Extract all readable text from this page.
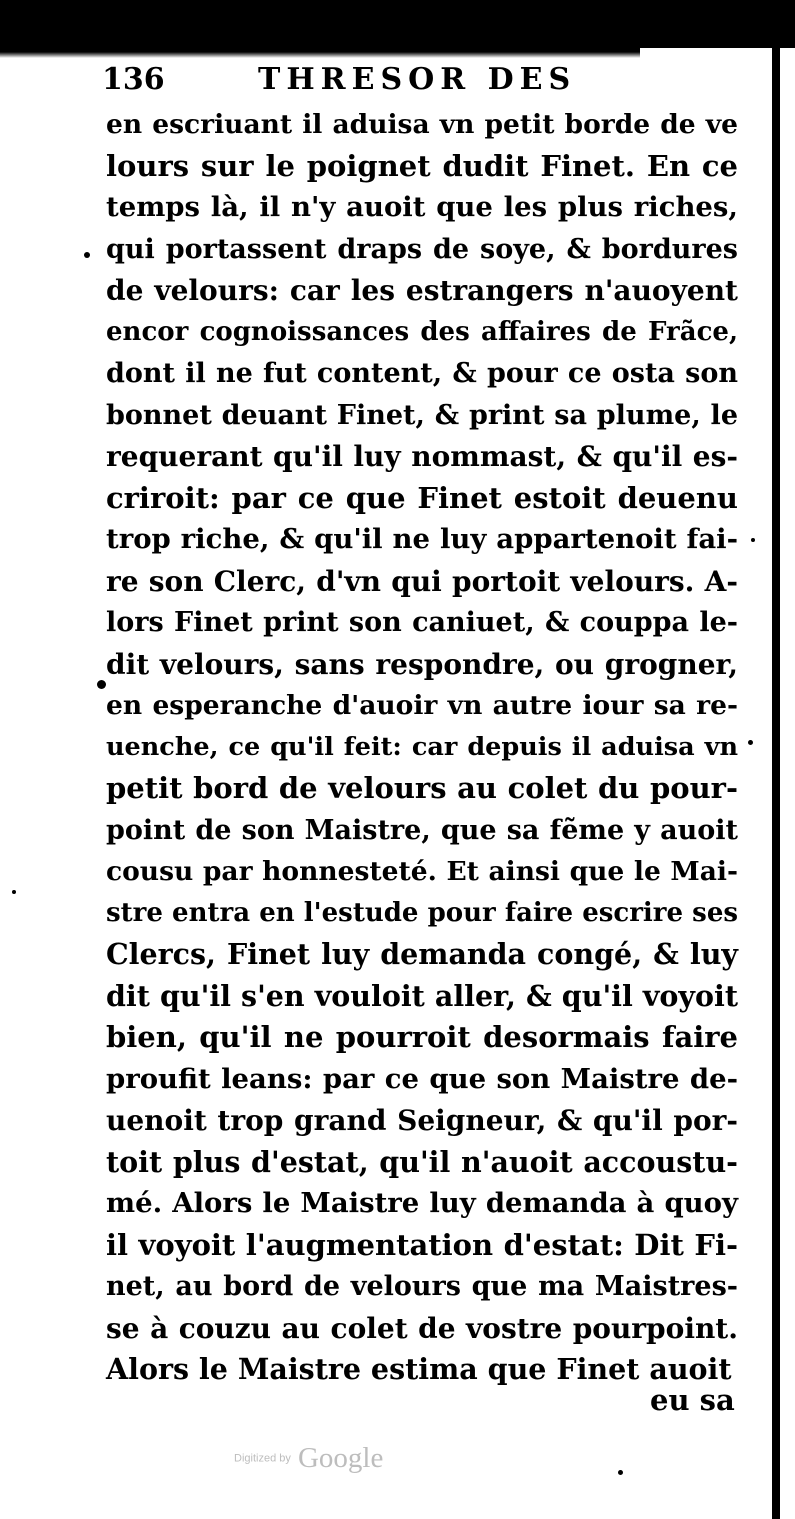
136	THRESOR DES
en escriuant il aduisa vn petit borde de ve
lours sur le poignet dudit Finet. En ce
temps là, il n'y auoit que les plus riches,
qui portassent draps de soye, & bordures
de velours: car les estrangers n'auoyent
encor cognoissances des affaires de Frãce,
dont il ne fut content, & pour ce osta son
bonnet deuant Finet, & print sa plume, le
requerant qu'il luy nommast, & qu'il es-
criroit: par ce que Finet estoit deuenu
trop riche, & qu'il ne luy appartenoit fai-
re son Clerc, d'vn qui portoit velours. A-
lors Finet print son caniuet, & couppa le-
dit velours, sans respondre, ou grogner,
en esperanche d'auoir vn autre iour sa re-
uenche, ce qu'il feit: car depuis il aduisa vn
petit bord de velours au colet du pour-
point de son Maistre, que sa fẽme y auoit
cousu par honnesteté. Et ainsi que le Mai-
stre entra en l'estude pour faire escrire ses
Clercs, Finet luy demanda congé, & luy
dit qu'il s'en vouloit aller, & qu'il voyoit
bien, qu'il ne pourroit desormais faire
proufit leans: par ce que son Maistre de-
uenoit trop grand Seigneur, & qu'il por-
toit plus d'estat, qu'il n'auoit accoustu-
mé. Alors le Maistre luy demanda à quoy
il voyoit l'augmentation d'estat: Dit Fi-
net, au bord de velours que ma Maistres-
se à couzu au colet de vostre pourpoint.
Alors le Maistre estima que Finet auoit
eu sa
Digitized by Google
